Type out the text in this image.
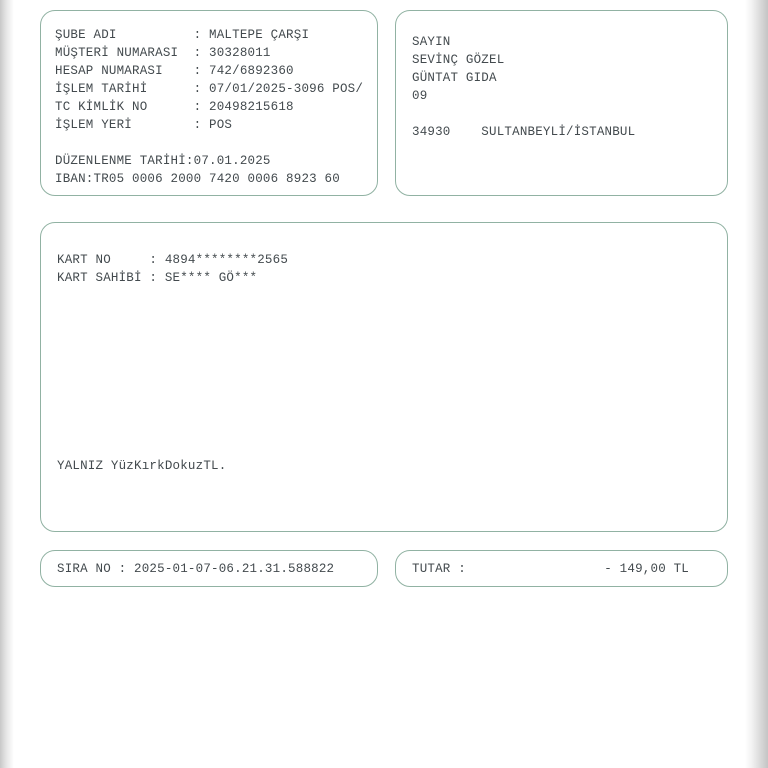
ŞUBE ADI          : MALTEPE ÇARŞI
MÜŞTERİ NUMARASI  : 30328011
HESAP NUMARASI    : 742/6892360
İŞLEM TARİHİ      : 07/01/2025-3096 POS/
TC KİMLİK NO      : 20498215618
İŞLEM YERİ        : POS

DÜZENLENME TARİHİ:07.01.2025
IBAN:TR05 0006 2000 7420 0006 8923 60
SAYIN
SEVİNÇ GÖZEL
GÜNTAT GIDA
09

34930    SULTANBEYLİ/İSTANBUL
KART NO     : 4894********2565
KART SAHİBİ : SE**** GÖ***
YALNIZ YüzKırkDokuzTL.
SIRA NO : 2025-01-07-06.21.31.588822	TUTAR :	- 149,00 TL
